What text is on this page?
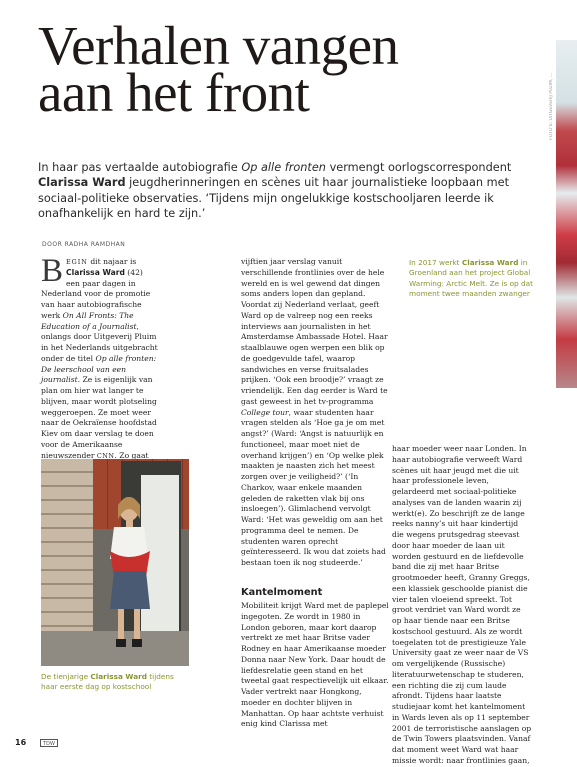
Verhalen vangen
aan het front

In haar pas vertaalde autobiografie Op alle fronten vermengt oorlogscorrespondent Clarissa Ward jeugdherinneringen en scènes uit haar journalistieke loopbaan met sociaal-politieke observaties. ‘Tijdens mijn ongelukkige kostschooljaren leerde ik onafhankelijk en hard te zijn.’

DOOR RADHA RAMDHAN
FOTO'S: UITGEVERIJ PLUIM, ...

BEGIN dit najaar is Clarissa Ward (42) een paar dagen in Nederland voor de promotie van haar autobiografische werk On All Fronts: The Education of a Journalist, onlangs door Uitgeverij Pluim in het Nederlands uitgebracht onder de titel Op alle fronten: De leerschool van een journalist. Ze is eigenlijk van plan om hier wat langer te blijven, maar wordt plotseling weggeroepen. Ze moet weer naar de Oekraïense hoofdstad Kiev om daar verslag te doen voor de Amerikaanse nieuwszender CNN. Zo gaat

vijftien jaar verslag vanuit verschillende frontlinies over de hele wereld en is wel gewend dat dingen soms anders lopen dan gepland.

Voordat zij Nederland verlaat, geeft Ward op de valreep nog een reeks interviews aan journalisten in het Amsterdamse Ambassade Hotel. Haar staalblauwe ogen werpen een blik op de goedgevulde tafel, waarop sandwiches en verse fruitsalades prijken. ‘Ook een broodje?’ vraagt ze vriendelijk. Een dag eerder is Ward te gast geweest in het tv-programma College tour, waar studenten haar vragen stelden als ‘Hoe ga je om met angst?’ (Ward: ‘Angst is natuurlijk en functioneel, maar moet niet de overhand krijgen’) en ‘Op welke plek maakten je naasten zich het meest zorgen over je veiligheid?’ (‘In Charkov, waar enkele maanden geleden de raketten vlak bij ons insloegen’). Glimlachend vervolgt Ward: ‘Het was geweldig om aan het programma deel te nemen. De studenten waren oprecht geïnteresseerd. Ik wou dat zoiets had bestaan toen ik nog studeerde.’

Kantelmoment

Mobiliteit krijgt Ward met de paplepel ingegoten. Ze wordt in 1980 in London geboren, maar kort daarop vertrekt ze met haar Britse vader Rodney en haar Amerikaanse moeder Donna naar New York. Daar houdt de liefdesrelatie geen stand en het tweetal gaat respectievelijk uit elkaar. Vader vertrekt naar Hongkong, moeder en dochter blijven in Manhattan. Op haar achtste verhuist enig kind Clarissa met

haar moeder weer naar Londen. In haar autobiografie verweeft Ward scènes uit haar jeugd met die uit haar professionele leven, gelardeerd met sociaal-politieke analyses van de landen waarin zij werkt(e). Zo beschrijft ze de lange reeks nanny’s uit haar kindertijd die wegens prutsgedrag steevast door haar moeder de laan uit worden gestuurd en de liefdevolle band die zij met haar Britse grootmoeder heeft, Granny Greggs, een klassiek geschoolde pianist die vier talen vloeiend spreekt. Tot groot verdriet van Ward wordt ze op haar tiende naar een Britse kostschool gestuurd. Als ze wordt toegelaten tot de prestigieuze Yale University gaat ze weer naar de VS om vergelijkende (Russische) literatuurwetenschap te studeren, een richting die zij cum laude afrondt. Tijdens haar laatste studiejaar komt het kantelmoment in Wards leven als op 11 september 2001 de terroristische aanslagen op de Twin Towers plaatsvinden. Vanaf dat moment weet Ward wat haar missie wordt: naar frontlinies gaan,

In 2017 werkt Clarissa Ward in Groenland aan het project Global Warming: Arctic Melt. Ze is op dat moment twee maanden zwanger

De tienjarige Clarissa Ward tijdens haar eerste dag op kostschool

16	TDW
